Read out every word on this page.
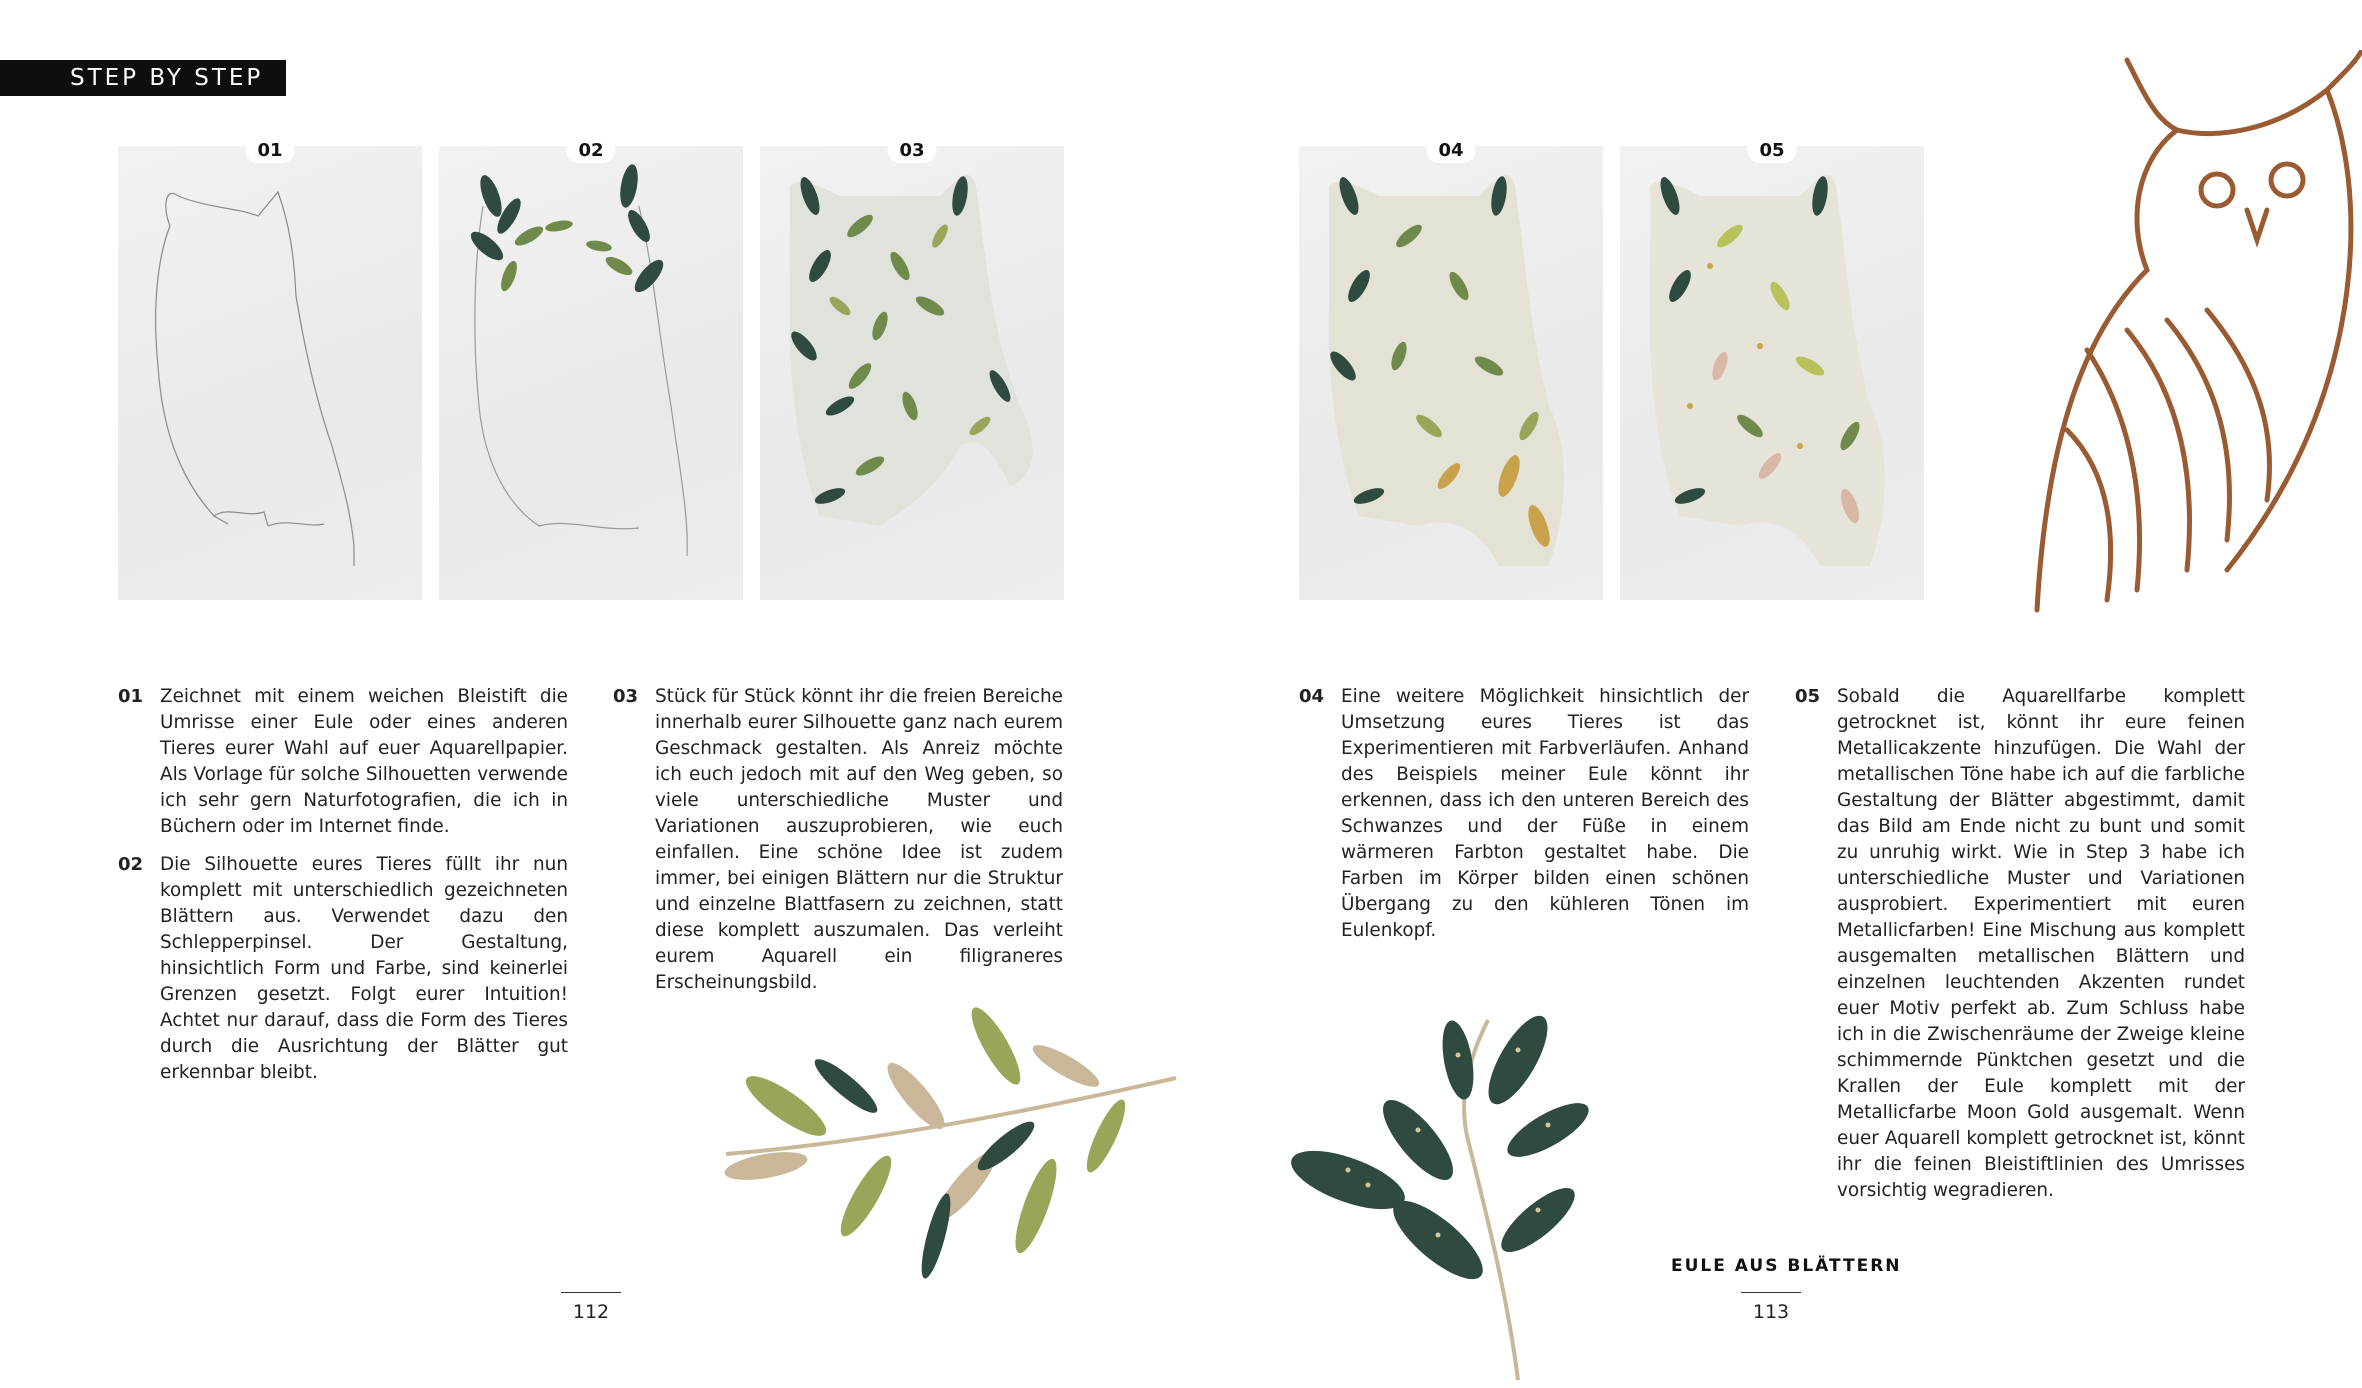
STEP BY STEP
01	02	03
01 Zeichnet mit einem weichen Bleistift die Umrisse einer Eule oder eines anderen Tieres eurer Wahl auf euer Aquarellpapier. Als Vorlage für solche Silhouetten verwende ich sehr gern Naturfotografien, die ich in Büchern oder im Internet finde.
02 Die Silhouette eures Tieres füllt ihr nun komplett mit unterschiedlich gezeichneten Blättern aus. Verwendet dazu den Schlepperpinsel. Der Gestaltung, hinsichtlich Form und Farbe, sind keinerlei Grenzen gesetzt. Folgt eurer Intuition! Achtet nur darauf, dass die Form des Tieres durch die Ausrichtung der Blätter gut erkennbar bleibt.
03 Stück für Stück könnt ihr die freien Bereiche innerhalb eurer Silhouette ganz nach eurem Geschmack gestalten. Als Anreiz möchte ich euch jedoch mit auf den Weg geben, so viele unterschiedliche Muster und Variationen auszuprobieren, wie euch einfallen. Eine schöne Idee ist zudem immer, bei einigen Blättern nur die Struktur und einzelne Blattfasern zu zeichnen, statt diese komplett auszumalen. Das verleiht eurem Aquarell ein filigraneres Erscheinungsbild.
112
04	05
04 Eine weitere Möglichkeit hinsichtlich der Umsetzung eures Tieres ist das Experimentieren mit Farbverläufen. Anhand des Beispiels meiner Eule könnt ihr erkennen, dass ich den unteren Bereich des Schwanzes und der Füße in einem wärmeren Farbton gestaltet habe. Die Farben im Körper bilden einen schönen Übergang zu den kühleren Tönen im Eulenkopf.
05 Sobald die Aquarellfarbe komplett getrocknet ist, könnt ihr eure feinen Metallicakzente hinzufügen. Die Wahl der metallischen Töne habe ich auf die farbliche Gestaltung der Blätter abgestimmt, damit das Bild am Ende nicht zu bunt und somit zu unruhig wirkt. Wie in Step 3 habe ich unterschiedliche Muster und Variationen ausprobiert. Experimentiert mit euren Metallicfarben! Eine Mischung aus komplett ausgemalten metallischen Blättern und einzelnen leuchtenden Akzenten rundet euer Motiv perfekt ab. Zum Schluss habe ich in die Zwischenräume der Zweige kleine schimmernde Pünktchen gesetzt und die Krallen der Eule komplett mit der Metallicfarbe Moon Gold ausgemalt. Wenn euer Aquarell komplett getrocknet ist, könnt ihr die feinen Bleistiftlinien des Umrisses vorsichtig wegradieren.
EULE AUS BLÄTTERN
113
